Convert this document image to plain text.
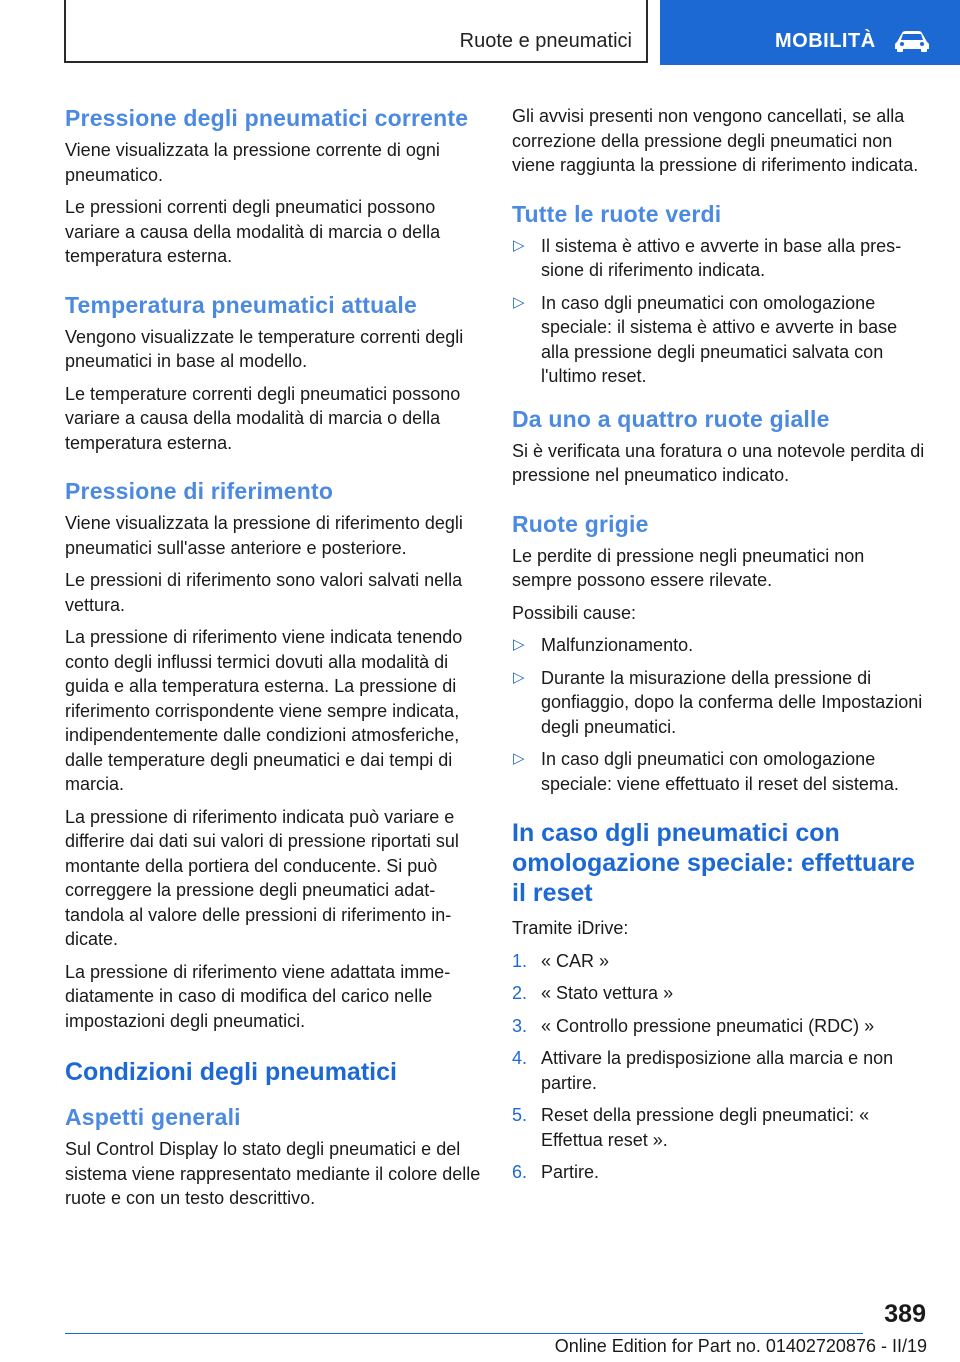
Ruote e pneumatici	MOBILITÀ
Pressione degli pneumatici corrente

Viene visualizzata la pressione corrente di ogni pneumatico.

Le pressioni correnti degli pneumatici possono variare a causa della modalità di marcia o della temperatura esterna.

Temperatura pneumatici attuale

Vengono visualizzate le temperature correnti degli pneumatici in base al modello.

Le temperature correnti degli pneumatici possono variare a causa della modalità di marcia o della temperatura esterna.

Pressione di riferimento

Viene visualizzata la pressione di riferimento degli pneumatici sull'asse anteriore e posteriore.

Le pressioni di riferimento sono valori salvati nella vettura.

La pressione di riferimento viene indicata tenendo conto degli influssi termici dovuti alla modalità di guida e alla temperatura esterna. La pressione di riferimento corrispondente viene sempre indicata, indipendentemente dalle condizioni atmosferiche, dalle temperature degli pneumatici e dai tempi di marcia.

La pressione di riferimento indicata può variare e differire dai dati sui valori di pressione riportati sul montante della portiera del conducente. Si può correggere la pressione degli pneumatici adattandola al valore delle pressioni di riferimento indicate.

La pressione di riferimento viene adattata immediatamente in caso di modifica del carico nelle impostazioni degli pneumatici.

Condizioni degli pneumatici
Aspetti generali

Sul Control Display lo stato degli pneumatici e del sistema viene rappresentato mediante il colore delle ruote e con un testo descrittivo.

Gli avvisi presenti non vengono cancellati, se alla correzione della pressione degli pneumatici non viene raggiunta la pressione di riferimento indicata.

Tutte le ruote verdi
▷ Il sistema è attivo e avverte in base alla pressione di riferimento indicata.
▷ In caso dgli pneumatici con omologazione speciale: il sistema è attivo e avverte in base alla pressione degli pneumatici salvata con l'ultimo reset.
Da uno a quattro ruote gialle

Si è verificata una foratura o una notevole perdita di pressione nel pneumatico indicato.

Ruote grigie

Le perdite di pressione negli pneumatici non sempre possono essere rilevate.

Possibili cause:

▷ Malfunzionamento.
▷ Durante la misurazione della pressione di gonfiaggio, dopo la conferma delle Impostazioni degli pneumatici.
▷ In caso dgli pneumatici con omologazione speciale: viene effettuato il reset del sistema.
In caso dgli pneumatici con omologazione speciale: effettuare il reset

Tramite iDrive:

1. « CAR »
2. « Stato vettura »
3. « Controllo pressione pneumatici (RDC) »
4. Attivare la predisposizione alla marcia e non partire.
5. Reset della pressione degli pneumatici: « Effettua reset ».
6. Partire.
389
Online Edition for Part no. 01402720876 - II/19
